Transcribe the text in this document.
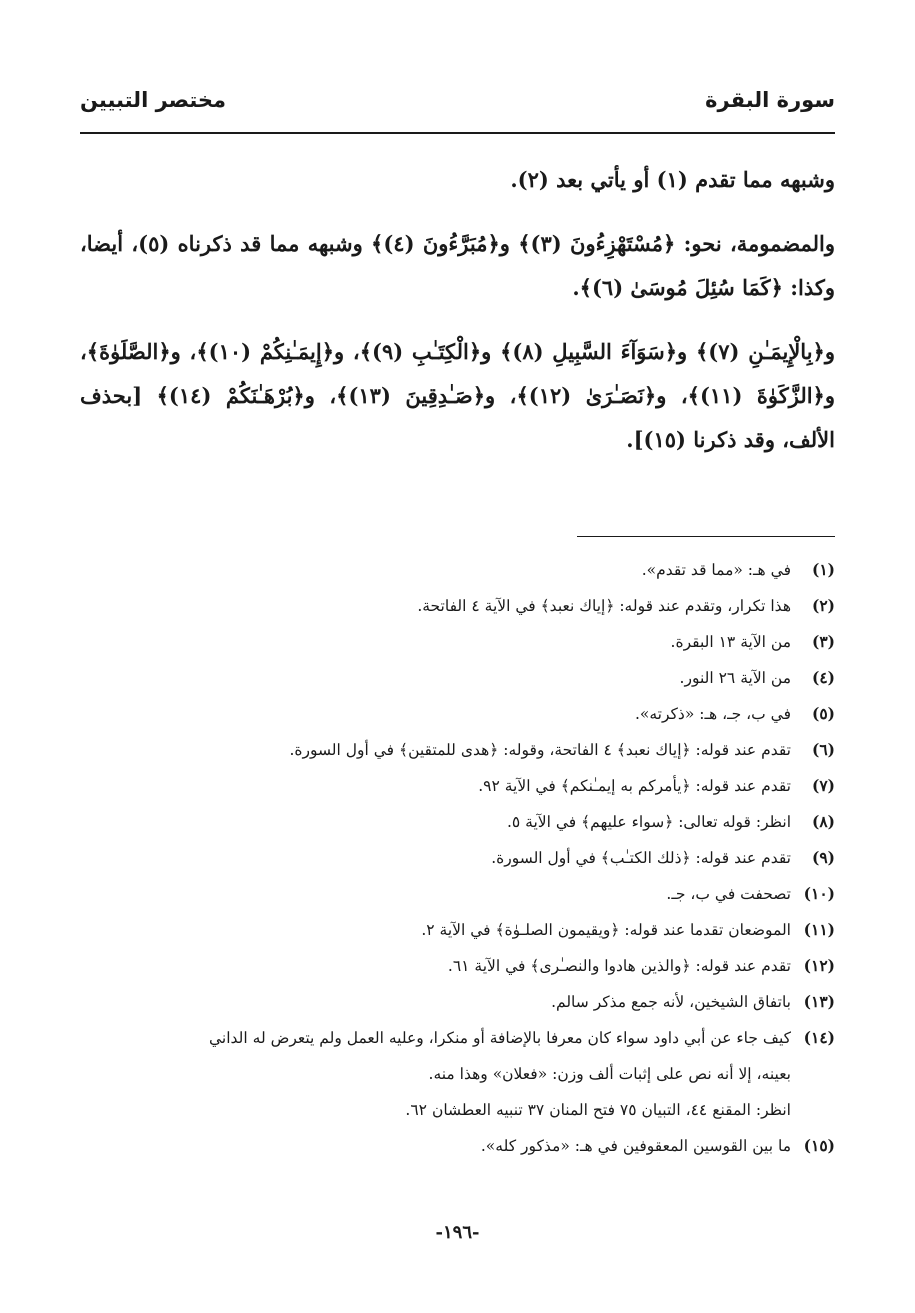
سورة البقرة
مختصر التبيين

وشبهه مما تقدم (١) أو يأتي بعد (٢).

والمضمومة، نحو: ﴿مُسْتَهْزِءُونَ (٣)﴾ و﴿مُبَرَّءُونَ (٤)﴾ وشبهه مما قد ذكرناه (٥)، أيضا، وكذا: ﴿كَمَا سُئِلَ مُوسَىٰ (٦)﴾.

و﴿بِالْإِيمَـٰنِ (٧)﴾ و﴿سَوَآءَ السَّبِيلِ (٨)﴾ و﴿الْكِتَـٰبِ (٩)﴾، و﴿إِيمَـٰنِكُمْ (١٠)﴾، و﴿الصَّلَوٰةَ﴾، و﴿الزَّكَوٰةَ (١١)﴾، و﴿نَصَـٰرَىٰ (١٢)﴾، و﴿صَـٰدِقِينَ (١٣)﴾، و﴿بُرْهَـٰنَكُمْ (١٤)﴾ [بحذف الألف، وقد ذكرنا (١٥)].

(١)
في هـ: «مما قد تقدم».
(٢)
هذا تكرار، وتقدم عند قوله: ﴿إياك نعبد﴾ في الآية ٤ الفاتحة.
(٣)
من الآية ١٣ البقرة.
(٤)
من الآية ٢٦ النور.
(٥)
في ب، جـ، هـ: «ذكرته».
(٦)
تقدم عند قوله: ﴿إياك نعبد﴾ ٤ الفاتحة، وقوله: ﴿هدى للمتقين﴾ في أول السورة.
(٧)
تقدم عند قوله: ﴿يأمركم به إيمـٰنكم﴾ في الآية ٩٢.
(٨)
انظر: قوله تعالى: ﴿سواء عليهم﴾ في الآية ٥.
(٩)
تقدم عند قوله: ﴿ذلك الكتـٰب﴾ في أول السورة.
(١٠)
تصحفت في ب، جـ.
(١١)
الموضعان تقدما عند قوله: ﴿ويقيمون الصلـوٰة﴾ في الآية ٢.
(١٢)
تقدم عند قوله: ﴿والذين هادوا والنصـٰرى﴾ في الآية ٦١.
(١٣)
باتفاق الشيخين، لأنه جمع مذكر سالم.
(١٤)
كيف جاء عن أبي داود سواء كان معرفا بالإضافة أو منكرا، وعليه العمل ولم يتعرض له الداني
بعينه، إلا أنه نص على إثبات ألف وزن: «فعلان» وهذا منه.
انظر: المقنع ٤٤، التبيان ٧٥ فتح المنان ٣٧ تنبيه العطشان ٦٢.
(١٥)
ما بين القوسين المعقوفين في هـ: «مذكور كله».
-١٩٦-
